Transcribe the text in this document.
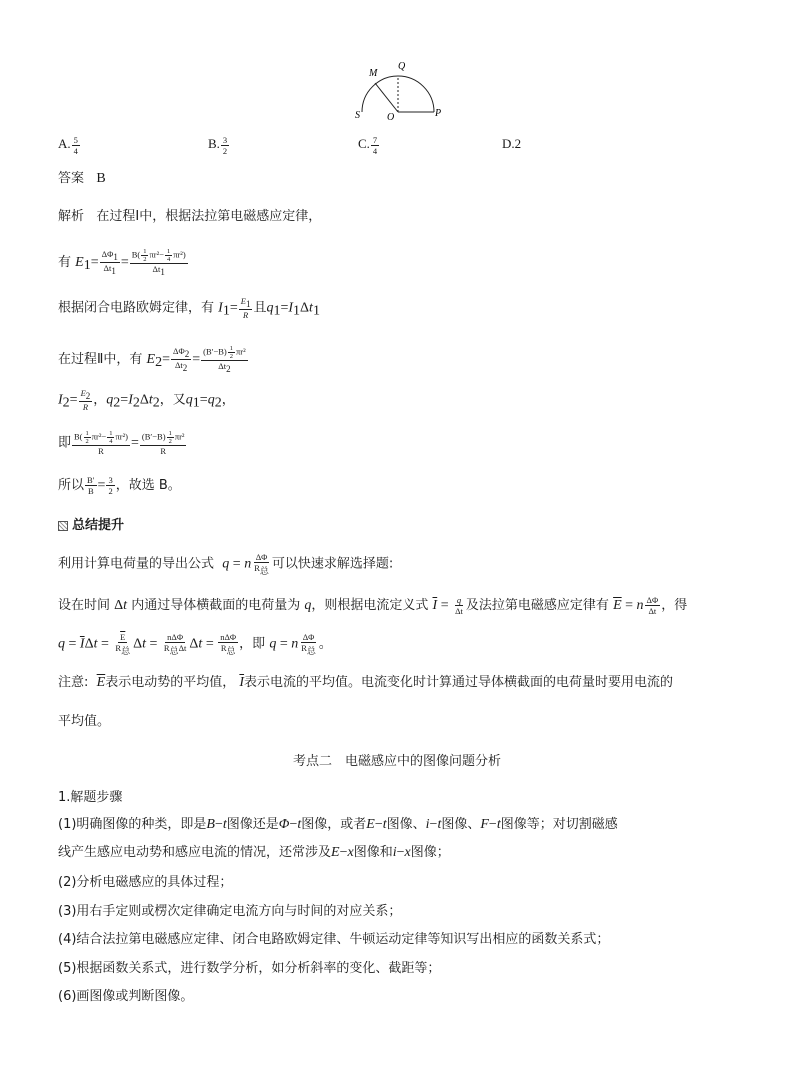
M
Q
S	O	P
A. $\frac{5}{4}$	B. $\frac{3}{2}$	C. $\frac{7}{4}$	D.2
答案 B
解析 在过程Ⅰ中，根据法拉第电磁感应定律，
有 $E_1= \frac{\Delta\Phi_1}{\Delta t_1} = \frac{B( \frac{1}{2} \pi r^2- \frac{1}{4} \pi r^2)}{\Delta t_1}$
根据闭合电路欧姆定律，有 $I_1= \frac{E_1}{R}$ 且$q_1=I_1\Delta t_1$
在过程Ⅱ中，有 $E_2= \frac{\Delta\Phi_2}{\Delta t_2} = \frac{(B'-B) \frac{1}{2} \pi r^2}{\Delta t_2}$
$I_2= \frac{E_2}{R}$ ，$q_2=I_2\Delta t_2$，又$q_1=q_2$，
即 $\frac{B( \frac{1}{2} \pi r^2- \frac{1}{4} \pi r^2)}{R} = \frac{(B'-B) \frac{1}{2} \pi r^2}{R}$
所以 $\frac{B'}{B} = \frac{3}{2}$ ，故选 B。
总结提升
利用计算电荷量的导出公式 q = n $\frac{\Delta\Phi}{R_总}$ 可以快速求解选择题:
设在时间 Δt 内通过导体横截面的电荷量为 q，则根据电流定义式 $\overline{I} = \frac{q}{\Delta t}$ 及法拉第电磁感应定律有 $\overline{E} = n \frac{\Delta\Phi}{\Delta t}$ ，得
$q = \overline{I}\Delta t = \frac{\overline{E}}{R_总}$ $\Delta t = \frac{\text{nΔΦ}}{R_总\Delta t}$ $\Delta t = \frac{\text{nΔΦ}}{R_总}$ ，即 q = n $\frac{\Delta\Phi}{R_总}$ 。
注意: $\overline{E}$表示电动势的平均值， $\overline{I}$表示电流的平均值。电流变化时计算通过导体横截面的电荷量时要用电流的
平均值。
考点二　电磁感应中的图像问题分析
1.解题步骤
(1)明确图像的种类，即是B−t图像还是Φ−t图像，或者E−t图像、i−t图像、F−t图像等；对切割磁感
线产生感应电动势和感应电流的情况，还常涉及E−x图像和i−x图像；
(2)分析电磁感应的具体过程；
(3)用右手定则或楞次定律确定电流方向与时间的对应关系；
(4)结合法拉第电磁感应定律、闭合电路欧姆定律、牛顿运动定律等知识写出相应的函数关系式；
(5)根据函数关系式，进行数学分析，如分析斜率的变化、截距等；
(6)画图像或判断图像。
